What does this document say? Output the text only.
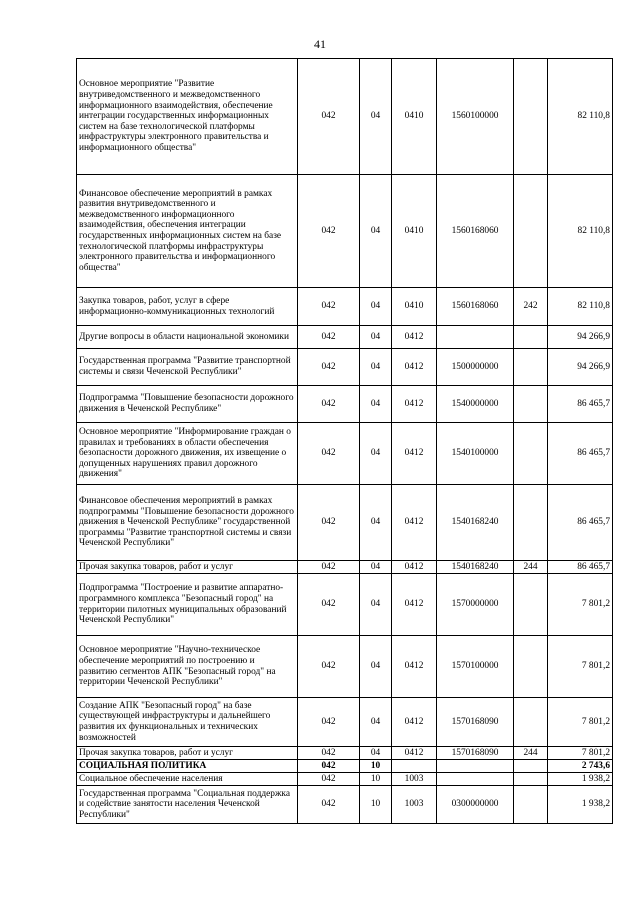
41
Основное мероприятие "Развитие внутриведомственного и межведомственного информационного взаимодействия, обеспечение интеграции государственных информационных систем на базе технологической платформы инфраструктуры электронного правительства и информационного общества"	042	04	0410	1560100000		82 110,8
Финансовое обеспечение мероприятий в рамках развития внутриведомственного и межведомственного информационного взаимодействия, обеспечения интеграции государственных информационных систем на базе технологической платформы инфраструктуры электронного правительства и информационного общества"	042	04	0410	1560168060		82 110,8
Закупка товаров, работ, услуг в сфере информационно-коммуникационных технологий	042	04	0410	1560168060	242	82 110,8
Другие вопросы в области национальной экономики	042	04	0412			94 266,9
Государственная программа "Развитие транспортной системы и связи Чеченской Республики"	042	04	0412	1500000000		94 266,9
Подпрограмма "Повышение безопасности дорожного движения в Чеченской Республике"	042	04	0412	1540000000		86 465,7
Основное мероприятие "Информирование граждан о правилах и требованиях в области обеспечения безопасности дорожного движения, их извещение о допущенных нарушениях правил дорожного движения"	042	04	0412	1540100000		86 465,7
Финансовое обеспечения мероприятий в рамках подпрограммы "Повышение безопасности дорожного движения в Чеченской Республике" государственной программы "Развитие транспортной системы и связи Чеченской Республики"	042	04	0412	1540168240		86 465,7
Прочая закупка товаров, работ и услуг	042	04	0412	1540168240	244	86 465,7
Подпрограмма "Построение и развитие аппаратно-программного комплекса "Безопасный город" на территории пилотных муниципальных образований Чеченской Республики"	042	04	0412	1570000000		7 801,2
Основное мероприятие "Научно-техническое обеспечение мероприятий по построению и развитию сегментов АПК "Безопасный город" на территории Чеченской Республики"	042	04	0412	1570100000		7 801,2
Создание АПК "Безопасный город" на базе существующей инфраструктуры и дальнейшего развития их функциональных и технических возможностей	042	04	0412	1570168090		7 801,2
Прочая закупка товаров, работ и услуг	042	04	0412	1570168090	244	7 801,2
СОЦИАЛЬНАЯ ПОЛИТИКА	042	10				2 743,6
Социальное обеспечение населения	042	10	1003			1 938,2
Государственная программа "Социальная поддержка и содействие занятости населения Чеченской Республики"	042	10	1003	0300000000		1 938,2
